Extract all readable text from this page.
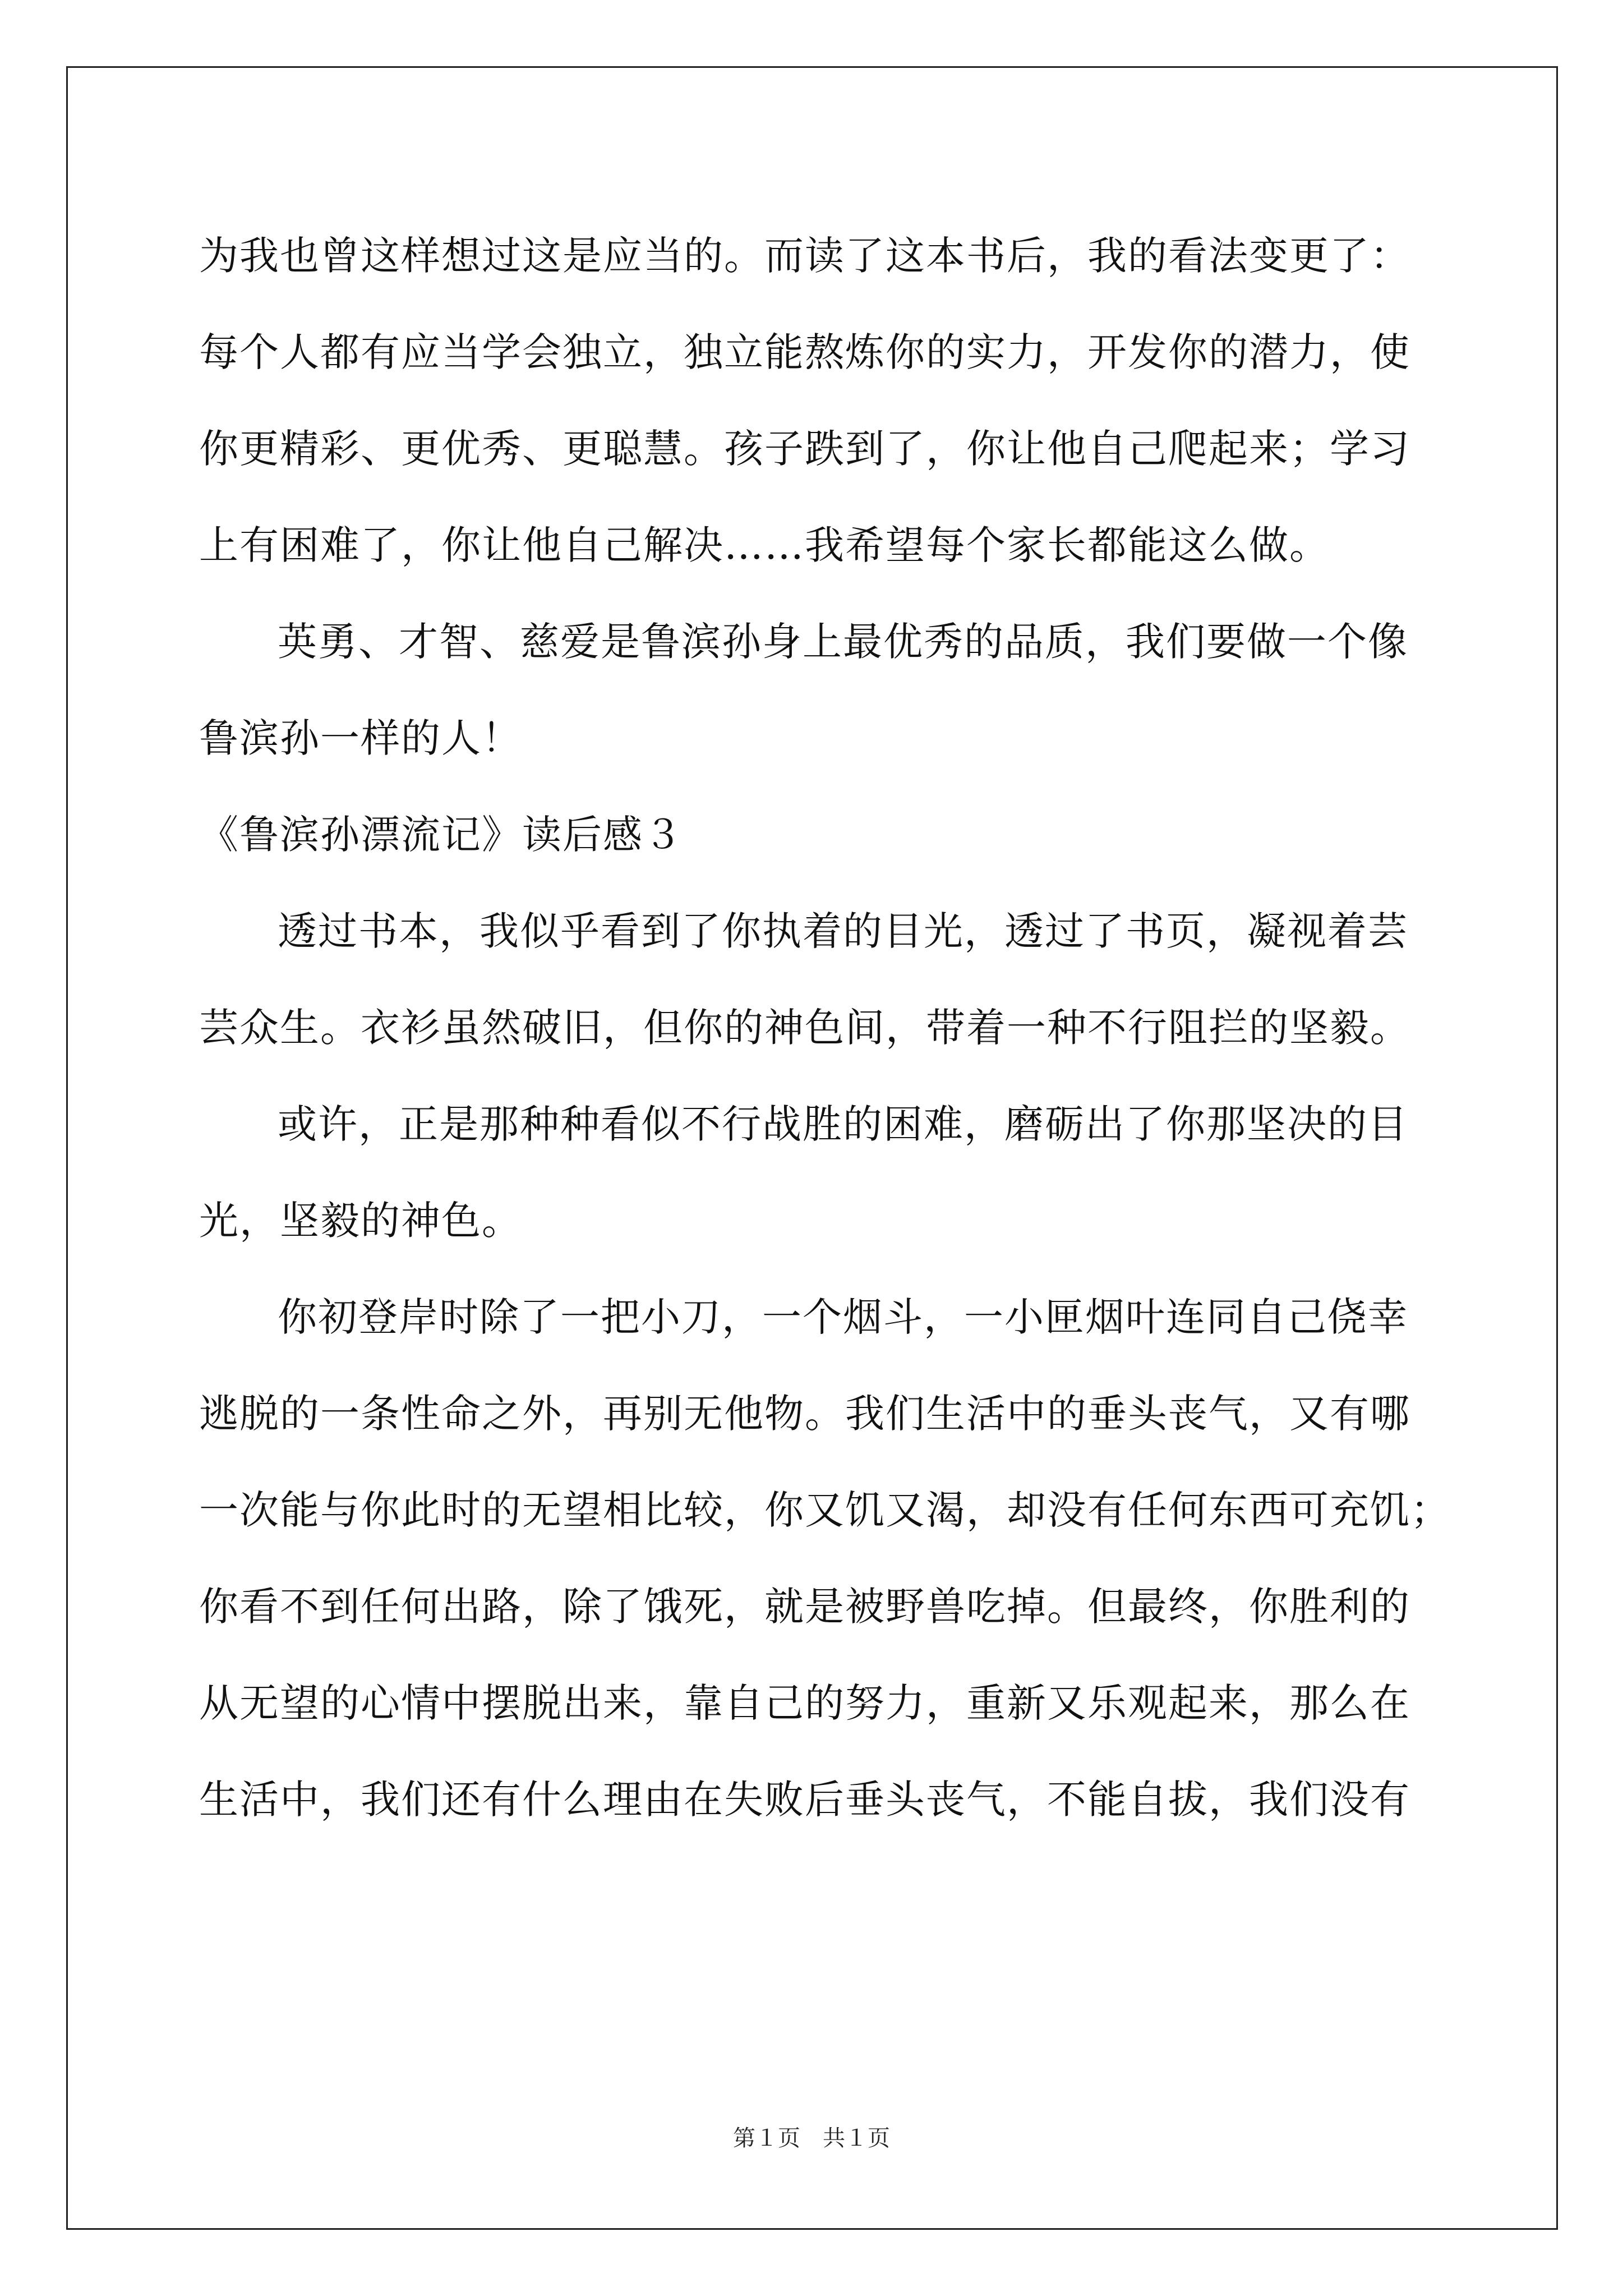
为我也曾这样想过这是应当的。而读了这本书后，我的看法变更了：
每个人都有应当学会独立，独立能熬炼你的实力，开发你的潜力，使
你更精彩、更优秀、更聪慧。孩子跌到了，你让他自己爬起来；学习
上有困难了，你让他自己解决……我希望每个家长都能这么做。
英勇、才智、慈爱是鲁滨孙身上最优秀的品质，我们要做一个像
鲁滨孙一样的人！
《鲁滨孙漂流记》读后感３
透过书本，我似乎看到了你执着的目光，透过了书页，凝视着芸
芸众生。衣衫虽然破旧，但你的神色间，带着一种不行阻拦的坚毅。
或许，正是那种种看似不行战胜的困难，磨砺出了你那坚决的目
光，坚毅的神色。
你初登岸时除了一把小刀，一个烟斗，一小匣烟叶连同自己侥幸
逃脱的一条性命之外，再别无他物。我们生活中的垂头丧气，又有哪
一次能与你此时的无望相比较，你又饥又渴，却没有任何东西可充饥；
你看不到任何出路，除了饿死，就是被野兽吃掉。但最终，你胜利的
从无望的心情中摆脱出来，靠自己的努力，重新又乐观起来，那么在
生活中，我们还有什么理由在失败后垂头丧气，不能自拔，我们没有
第１页　共１页
